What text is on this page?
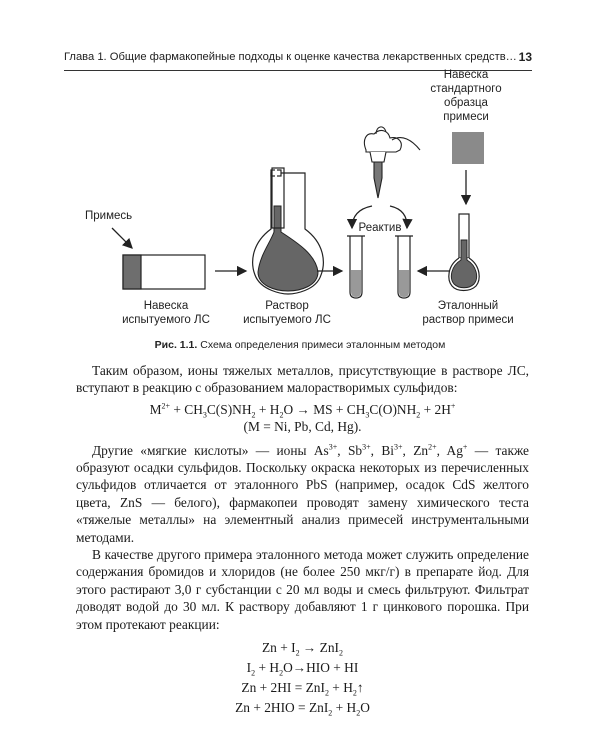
Глава 1. Общие фармакопейные подходы к оценке качества лекарственных средств… 13
Примесь
Навеска
испытуемого ЛС
Раствор
испытуемого ЛС
Реактив
Навеска
стандартного
образца
примеси
Эталонный
раствор примеси
Рис. 1.1. Схема определения примеси эталонным методом

Таким образом, ионы тяжелых металлов, присутствующие в растворе ЛС, вступают в реакцию с образованием малорастворимых сульфидов:

$M^{2+} + CH_3C(S)NH_2 + H_2O$ → MS + $CH_3C(O)NH_2 + 2H^+$
(M = Ni, Pb, Cd, Hg).

Другие «мягкие кислоты» — ионы $As^{3+}$, $Sb^{3+}$, $Bi^{3+}$, $Zn^{2+}$, Ag+ — также образуют осадки сульфидов. Поскольку окраска некоторых из перечисленных сульфидов отличается от эталонного PbS (например, осадок CdS желтого цвета, ZnS — белого), фармакопеи проводят замену химического теста «тяжелые металлы» на элементный анализ примесей инструментальными методами.

В качестве другого примера эталонного метода может служить определение содержания бромидов и хлоридов (не более 250 мкг/г) в препарате йод. Для этого растирают 3,0 г субстанции с 20 мл воды и смесь фильтруют. Фильтрат доводят водой до 30 мл. К раствору добавляют 1 г цинкового порошка. При этом протекают реакции:

$Zn + I_2 \to ZnI_2$
$I_2 + H_2O\to HIO$ + HI
$Zn + 2HI = ZnI_2 + H_2↑$
$Zn + 2HIO = ZnI_2 + H_2O$
